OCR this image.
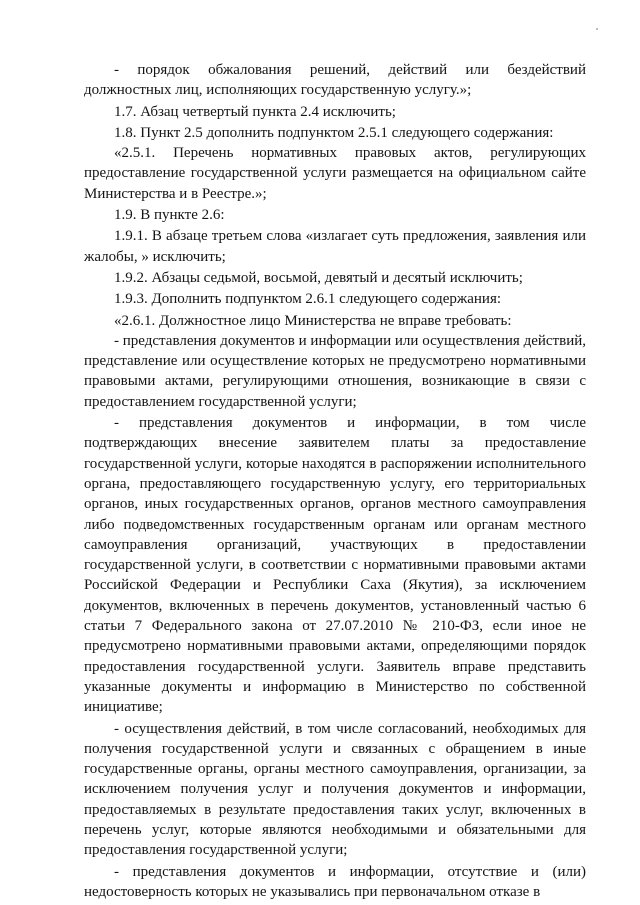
- порядок обжалования решений, действий или бездействий должностных лиц, исполняющих государственную услугу.»;

1.7. Абзац четвертый пункта 2.4 исключить;

1.8. Пункт 2.5 дополнить подпунктом 2.5.1 следующего содержания:

«2.5.1. Перечень нормативных правовых актов, регулирующих предоставление государственной услуги размещается на официальном сайте Министерства и в Реестре.»;

1.9. В пункте 2.6:

1.9.1. В абзаце третьем слова «излагает суть предложения, заявления или жалобы, » исключить;

1.9.2. Абзацы седьмой, восьмой, девятый и десятый исключить;

1.9.3. Дополнить подпунктом 2.6.1 следующего содержания:

«2.6.1. Должностное лицо Министерства не вправе требовать:

- представления документов и информации или осуществления действий, представление или осуществление которых не предусмотрено нормативными правовыми актами, регулирующими отношения, возникающие в связи с предоставлением государственной услуги;

- представления документов и информации, в том числе подтверждающих внесение заявителем платы за предоставление государственной услуги, которые находятся в распоряжении исполнительного органа, предоставляющего государственную услугу, его территориальных органов, иных государственных органов, органов местного самоуправления либо подведомственных государственным органам или органам местного самоуправления организаций, участвующих в предоставлении государственной услуги, в соответствии с нормативными правовыми актами Российской Федерации и Республики Саха (Якутия), за исключением документов, включенных в перечень документов, установленный частью 6 статьи 7 Федерального закона от 27.07.2010 № 210-ФЗ, если иное не предусмотрено нормативными правовыми актами, определяющими порядок предоставления государственной услуги. Заявитель вправе представить указанные документы и информацию в Министерство по собственной инициативе;

- осуществления действий, в том числе согласований, необходимых для получения государственной услуги и связанных с обращением в иные государственные органы, органы местного самоуправления, организации, за исключением получения услуг и получения документов и информации, предоставляемых в результате предоставления таких услуг, включенных в перечень услуг, которые являются необходимыми и обязательными для предоставления государственной услуги;

- представления документов и информации, отсутствие и (или) недостоверность которых не указывались при первоначальном отказе в
